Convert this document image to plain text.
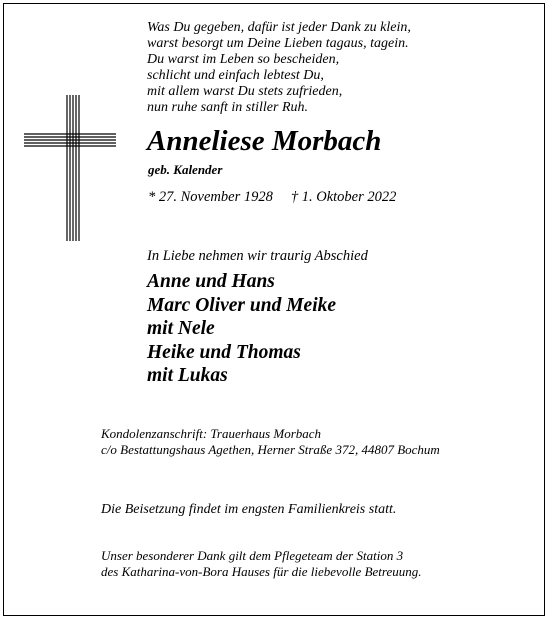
Was Du gegeben, dafür ist jeder Dank zu klein,
warst besorgt um Deine Lieben tagaus, tagein.
Du warst im Leben so bescheiden,
schlicht und einfach lebtest Du,
mit allem warst Du stets zufrieden,
nun ruhe sanft in stiller Ruh.
Anneliese Morbach
geb. Kalender
* 27. November 1928 † 1. Oktober 2022
In Liebe nehmen wir traurig Abschied
Anne und Hans
Marc Oliver und Meike
mit Nele
Heike und Thomas
mit Lukas
Kondolenzanschrift: Trauerhaus Morbach
c/o Bestattungshaus Agethen, Herner Straße 372, 44807 Bochum
Die Beisetzung findet im engsten Familienkreis statt.
Unser besonderer Dank gilt dem Pflegeteam der Station 3
des Katharina-von-Bora Hauses für die liebevolle Betreuung.
